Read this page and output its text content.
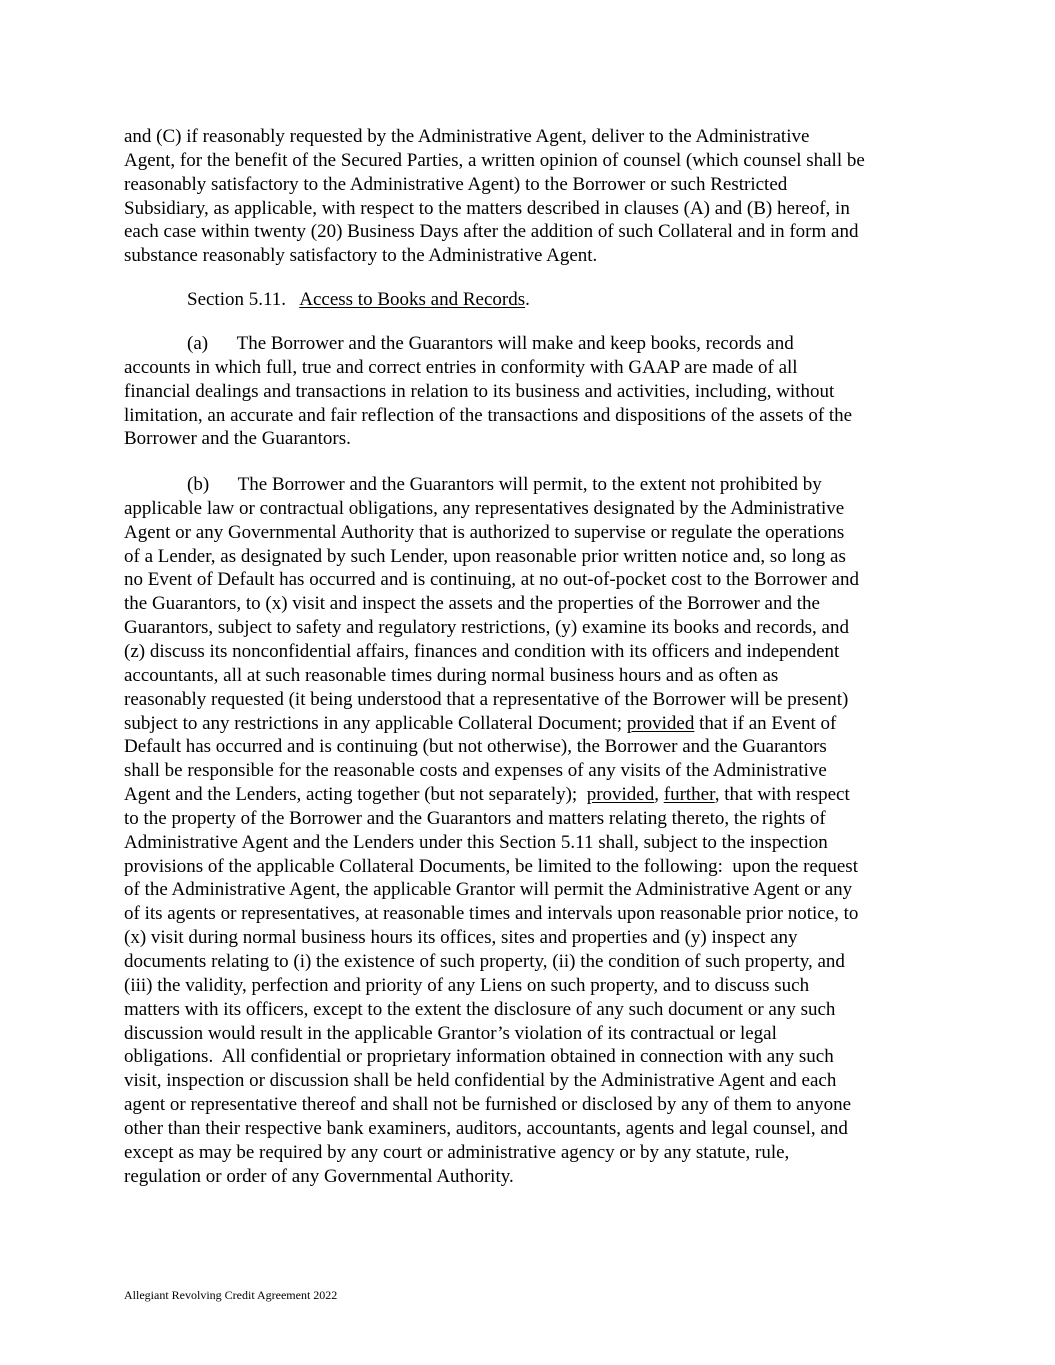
and (C) if reasonably requested by the Administrative Agent, deliver to the Administrative
Agent, for the benefit of the Secured Parties, a written opinion of counsel (which counsel shall be
reasonably satisfactory to the Administrative Agent) to the Borrower or such Restricted
Subsidiary, as applicable, with respect to the matters described in clauses (A) and (B) hereof, in
each case within twenty (20) Business Days after the addition of such Collateral and in form and
substance reasonably satisfactory to the Administrative Agent.
Section 5.11.   Access to Books and Records.
(a)  The Borrower and the Guarantors will make and keep books, records and
accounts in which full, true and correct entries in conformity with GAAP are made of all
financial dealings and transactions in relation to its business and activities, including, without
limitation, an accurate and fair reflection of the transactions and dispositions of the assets of the
Borrower and the Guarantors.
(b)  The Borrower and the Guarantors will permit, to the extent not prohibited by
applicable law or contractual obligations, any representatives designated by the Administrative
Agent or any Governmental Authority that is authorized to supervise or regulate the operations
of a Lender, as designated by such Lender, upon reasonable prior written notice and, so long as
no Event of Default has occurred and is continuing, at no out-of-pocket cost to the Borrower and
the Guarantors, to (x) visit and inspect the assets and the properties of the Borrower and the
Guarantors, subject to safety and regulatory restrictions, (y) examine its books and records, and
(z) discuss its nonconfidential affairs, finances and condition with its officers and independent
accountants, all at such reasonable times during normal business hours and as often as
reasonably requested (it being understood that a representative of the Borrower will be present)
subject to any restrictions in any applicable Collateral Document; provided that if an Event of
Default has occurred and is continuing (but not otherwise), the Borrower and the Guarantors
shall be responsible for the reasonable costs and expenses of any visits of the Administrative
Agent and the Lenders, acting together (but not separately);  provided, further, that with respect
to the property of the Borrower and the Guarantors and matters relating thereto, the rights of
Administrative Agent and the Lenders under this Section 5.11 shall, subject to the inspection
provisions of the applicable Collateral Documents, be limited to the following:  upon the request
of the Administrative Agent, the applicable Grantor will permit the Administrative Agent or any
of its agents or representatives, at reasonable times and intervals upon reasonable prior notice, to
(x) visit during normal business hours its offices, sites and properties and (y) inspect any
documents relating to (i) the existence of such property, (ii) the condition of such property, and
(iii) the validity, perfection and priority of any Liens on such property, and to discuss such
matters with its officers, except to the extent the disclosure of any such document or any such
discussion would result in the applicable Grantor’s violation of its contractual or legal
obligations.  All confidential or proprietary information obtained in connection with any such
visit, inspection or discussion shall be held confidential by the Administrative Agent and each
agent or representative thereof and shall not be furnished or disclosed by any of them to anyone
other than their respective bank examiners, auditors, accountants, agents and legal counsel, and
except as may be required by any court or administrative agency or by any statute, rule,
regulation or order of any Governmental Authority.
Allegiant Revolving Credit Agreement 2022
